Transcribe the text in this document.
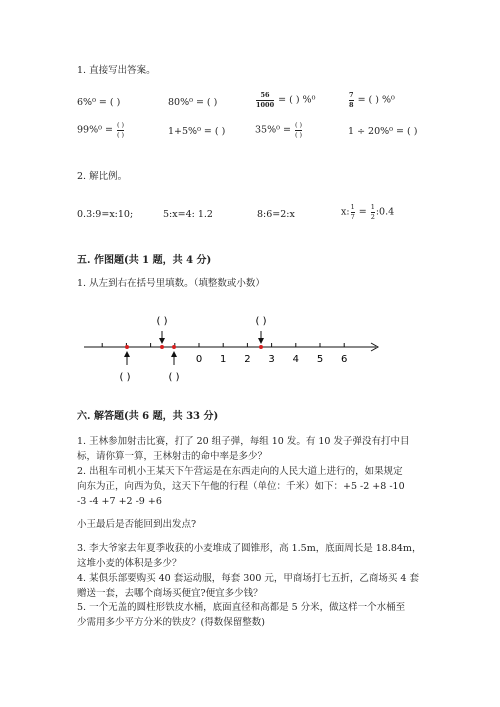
1. 直接写出答案。
6%⁰ = ( )	80%⁰ = ( )	$\frac{56}{1000}$ = ( ) %⁰	$\frac{7}{8}$ = ( ) %⁰
$99\%^0 = \frac{( )}{( )}$	1+5%⁰ = ( )	$35\%^0 = \frac{( )}{( )}$	1 ÷ 20%⁰ = ( )
2. 解比例。
0.3:9=x:10;	5:x=4: 1.2	8:6=2:x	x: $\frac{1}{7} = \frac{1}{2}$ :0.4
五. 作图题(共 1 题，共 4 分)
1. 从左到右在括号里填数。（填整数或小数）
0 1 2 3 4 5 6
( )	( )
( )	( )
六. 解答题(共 6 题，共 33 分)
1. 王林参加射击比赛，打了 20 组子弹，每组 10 发。有 10 发子弹没有打中目
标，请你算一算，王林射击的命中率是多少？
2. 出租车司机小王某天下午营运是在东西走向的人民大道上进行的，如果规定
向东为正，向西为负，这天下午他的行程（单位：千米）如下：+5 -2 +8 -10
-3 -4 +7 +2 -9 +6
小王最后是否能回到出发点?
3. 李大爷家去年夏季收获的小麦堆成了圆锥形，高 1.5m，底面周长是 18.84m，
这堆小麦的体积是多少？
4. 某俱乐部要购买 40 套运动服，每套 300 元，甲商场打七五折，乙商场买 4 套
赠送一套，去哪个商场买便宜?便宜多少钱？
5. 一个无盖的圆柱形铁皮水桶，底面直径和高都是 5 分米，做这样一个水桶至
少需用多少平方分米的铁皮？(得数保留整数)
